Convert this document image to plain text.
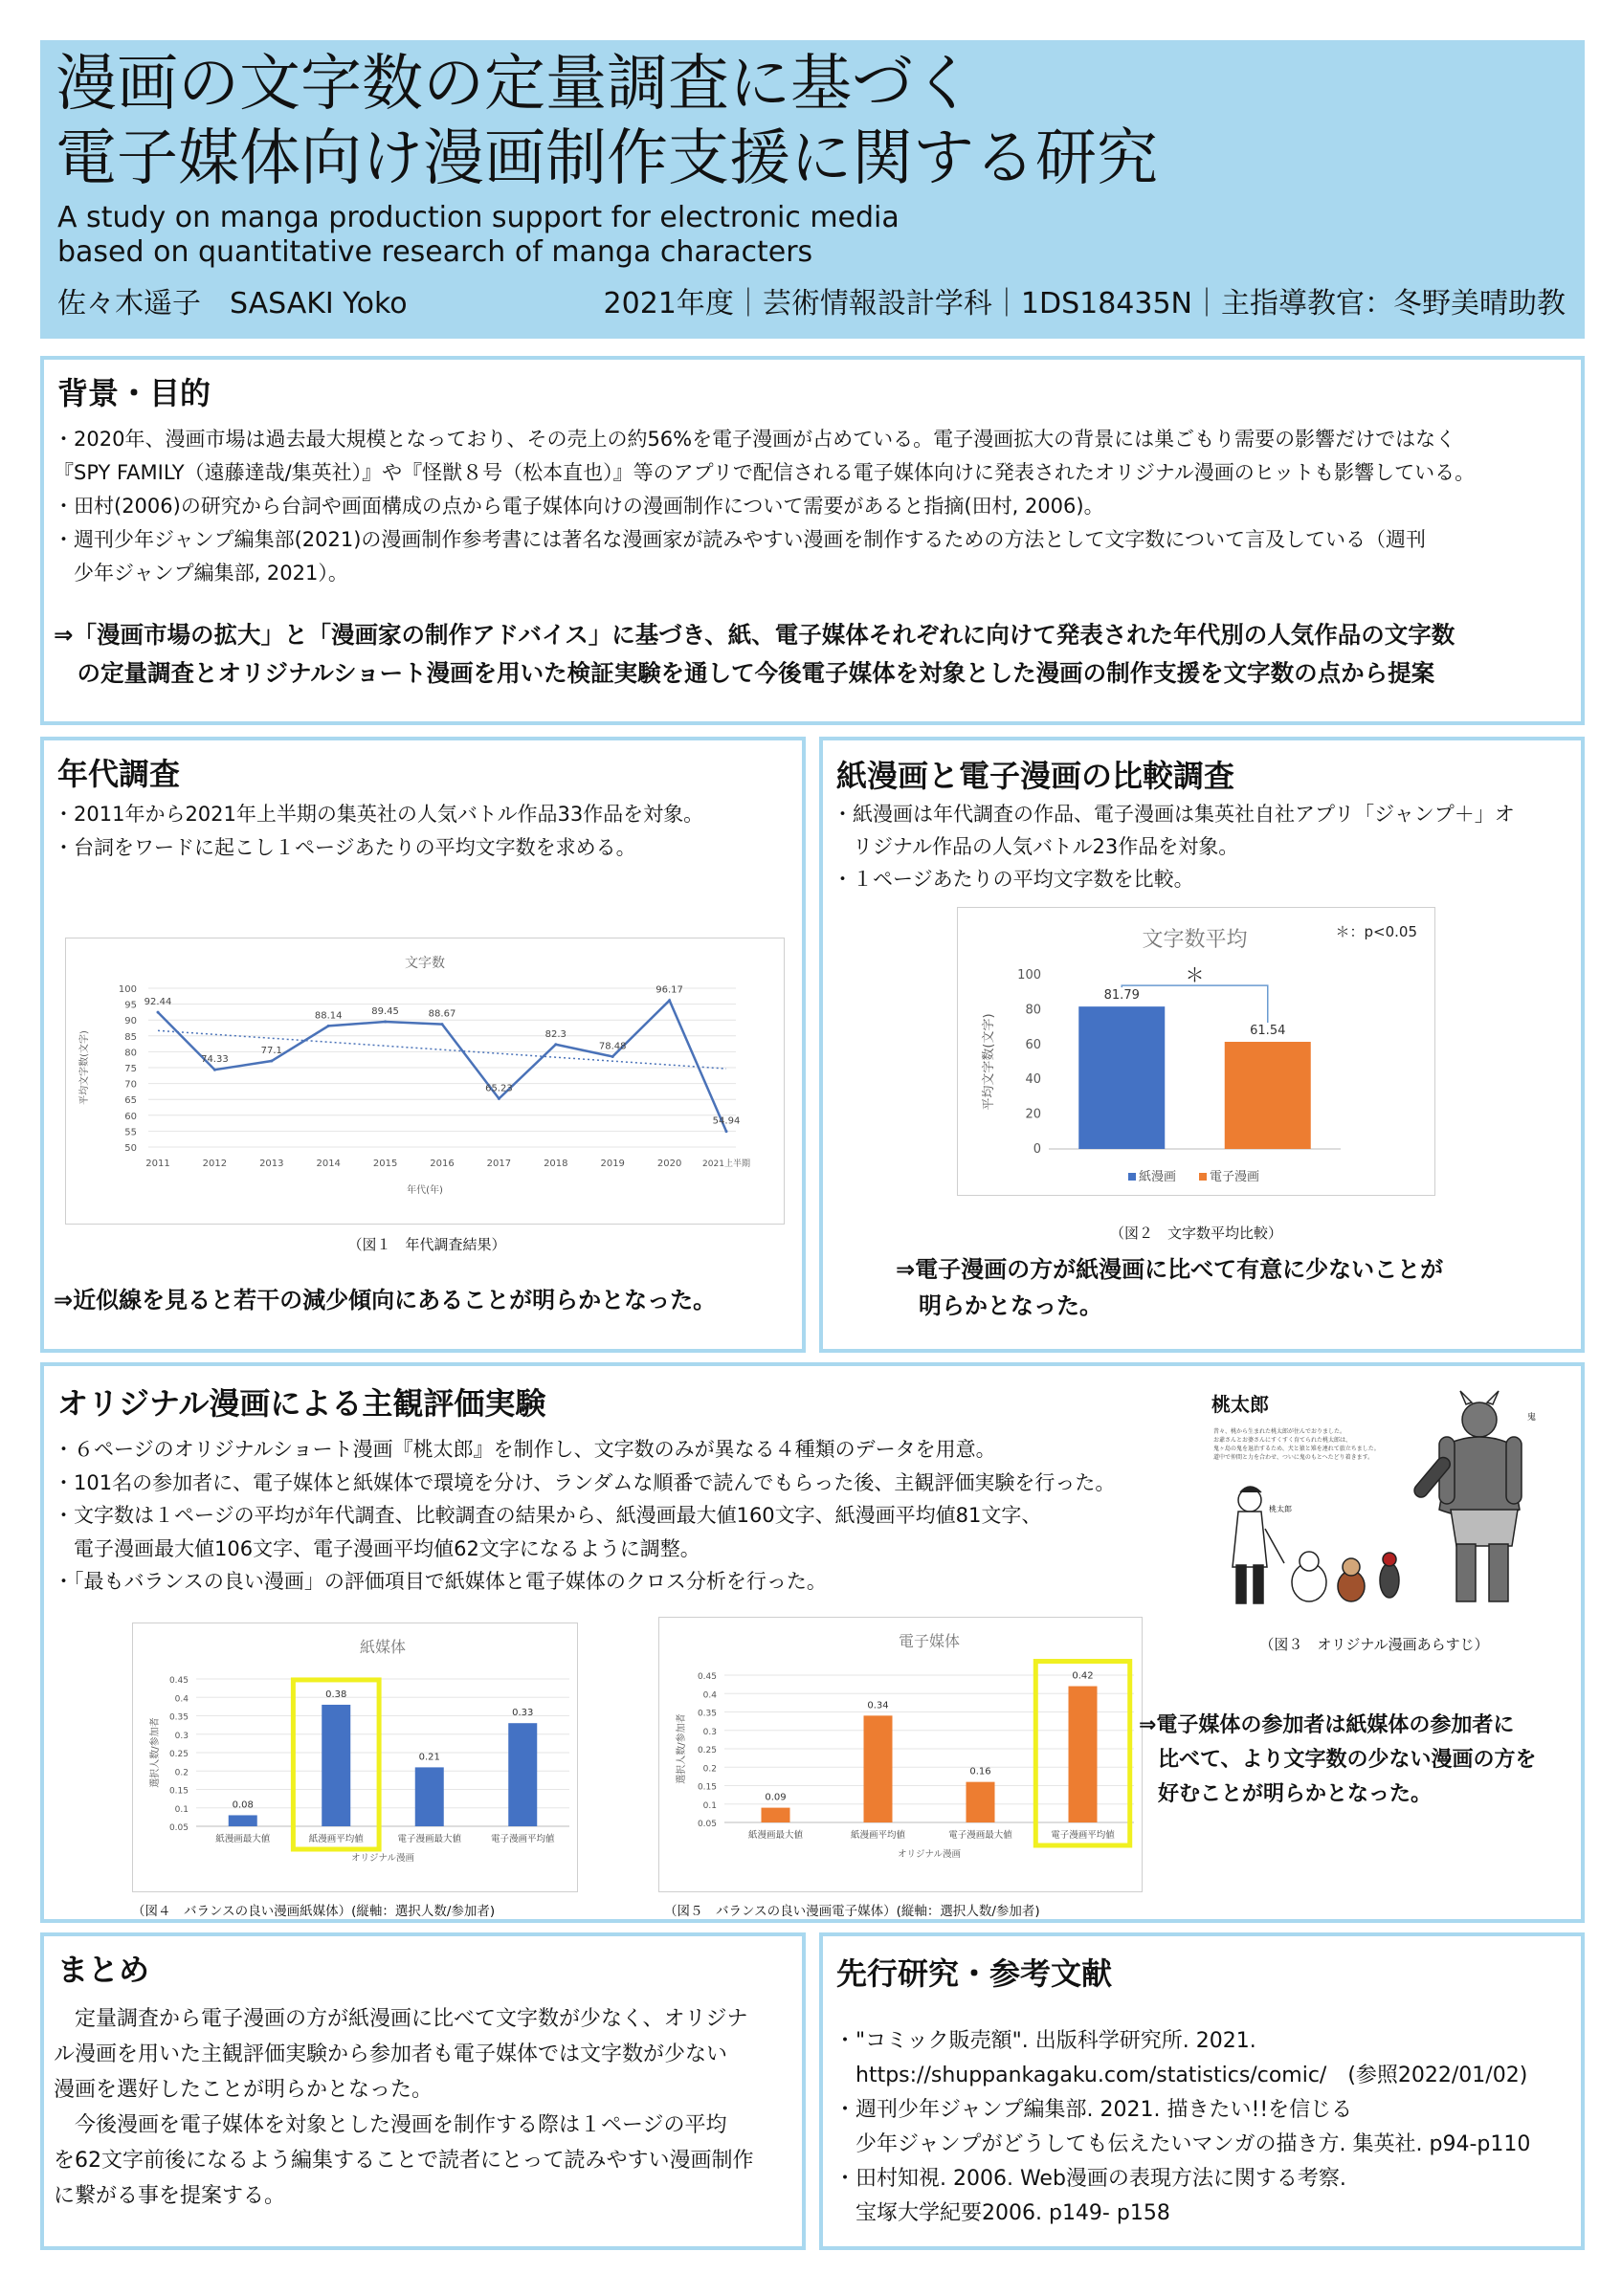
漫画の文字数の定量調査に基づく
電子媒体向け漫画制作支援に関する研究
A study on manga production support for electronic media
based on quantitative research of manga characters
佐々木遥子　SASAKI Yoko	2021年度｜芸術情報設計学科｜1DS18435N｜主指導教官：冬野美晴助教
背景・目的
・2020年、漫画市場は過去最大規模となっており、その売上の約56%を電子漫画が占めている。電子漫画拡大の背景には巣ごもり需要の影響だけではなく
『SPY FAMILY（遠藤達哉/集英社）』や『怪獣８号（松本直也）』等のアプリで配信される電子媒体向けに発表されたオリジナル漫画のヒットも影響している。
・田村(2006)の研究から台詞や画面構成の点から電子媒体向けの漫画制作について需要があると指摘(田村, 2006)。
・週刊少年ジャンプ編集部(2021)の漫画制作参考書には著名な漫画家が読みやすい漫画を制作するための方法として文字数について言及している（週刊
　少年ジャンプ編集部, 2021）。
⇒「漫画市場の拡大」と「漫画家の制作アドバイス」に基づき、紙、電子媒体それぞれに向けて発表された年代別の人気作品の文字数
　の定量調査とオリジナルショート漫画を用いた検証実験を通して今後電子媒体を対象とした漫画の制作支援を文字数の点から提案
年代調査
・2011年から2021年上半期の集英社の人気バトル作品33作品を対象。
・台詞をワードに起こし１ページあたりの平均文字数を求める。
文字数
50
55
60
65
70
75
80
85
90
95
100
平均文字数(文字)
2011	2012	2013	2014	2015	2016	2017	2018	2019	2020 2021上半期
年代(年)
92.44
74.33
77.1
88.14	89.45	88.67
65.23
82.3
78.48
96.17
54.94
（図１　年代調査結果）
⇒近似線を見ると若干の減少傾向にあることが明らかとなった。
紙漫画と電子漫画の比較調査
・紙漫画は年代調査の作品、電子漫画は集英社自社アプリ「ジャンプ＋」オ
　リジナル作品の人気バトル23作品を対象。
・１ページあたりの平均文字数を比較。
文字数平均
0
20
40
60
80
100
平均文字数(文字)
81.79
61.54
＊：p<0.05
＊
紙漫画	電子漫画
（図２　文字数平均比較）
⇒電子漫画の方が紙漫画に比べて有意に少ないことが
　明らかとなった。
オリジナル漫画による主観評価実験
・６ページのオリジナルショート漫画『桃太郎』を制作し、文字数のみが異なる４種類のデータを用意。
・101名の参加者に、電子媒体と紙媒体で環境を分け、ランダムな順番で読んでもらった後、主観評価実験を行った。
・文字数は１ページの平均が年代調査、比較調査の結果から、紙漫画最大値160文字、紙漫画平均値81文字、
　電子漫画最大値106文字、電子漫画平均値62文字になるように調整。
・「最もバランスの良い漫画」の評価項目で紙媒体と電子媒体のクロス分析を行った。
桃太郎
昔々、桃から生まれた桃太郎が住んでおりました。
お爺さんとお婆さんにすくすく育てられた桃太郎は、
鬼ヶ島の鬼を退治するため、犬と猿と雉を連れて旅立ちました。
道中で仲間と力を合わせ、ついに鬼のもとへたどり着きます。
鬼
桃太郎
（図３　オリジナル漫画あらすじ）
紙媒体
0.05
0.1
0.15
0.2
0.25
0.3
0.35
0.4
0.45
選択人数/参加者
0.08
紙漫画最大値
0.38
紙漫画平均値
0.21
電子漫画最大値
0.33
電子漫画平均値
オリジナル漫画
（図４　バランスの良い漫画紙媒体）(縦軸：選択人数/参加者)
電子媒体
0.05
0.1
0.15
0.2
0.25
0.3
0.35
0.4
0.45
選択人数/参加者
0.09
紙漫画最大値
0.34
紙漫画平均値
0.16
電子漫画最大値
0.42
電子漫画平均値
オリジナル漫画
（図５　バランスの良い漫画電子媒体）(縦軸：選択人数/参加者)
⇒電子媒体の参加者は紙媒体の参加者に
比べて、より文字数の少ない漫画の方を
好むことが明らかとなった。
まとめ
　定量調査から電子漫画の方が紙漫画に比べて文字数が少なく、オリジナ
ル漫画を用いた主観評価実験から参加者も電子媒体では文字数が少ない
漫画を選好したことが明らかとなった。
　今後漫画を電子媒体を対象とした漫画を制作する際は１ページの平均
を62文字前後になるよう編集することで読者にとって読みやすい漫画制作
に繋がる事を提案する。
先行研究・参考文献
・"コミック販売額". 出版科学研究所. 2021.
　https://shuppankagaku.com/statistics/comic/　(参照2022/01/02)
・週刊少年ジャンプ編集部. 2021. 描きたい!!を信じる
　少年ジャンプがどうしても伝えたいマンガの描き方. 集英社. p94-p110
・田村知視. 2006. Web漫画の表現方法に関する考察.
　宝塚大学紀要2006. p149- p158
